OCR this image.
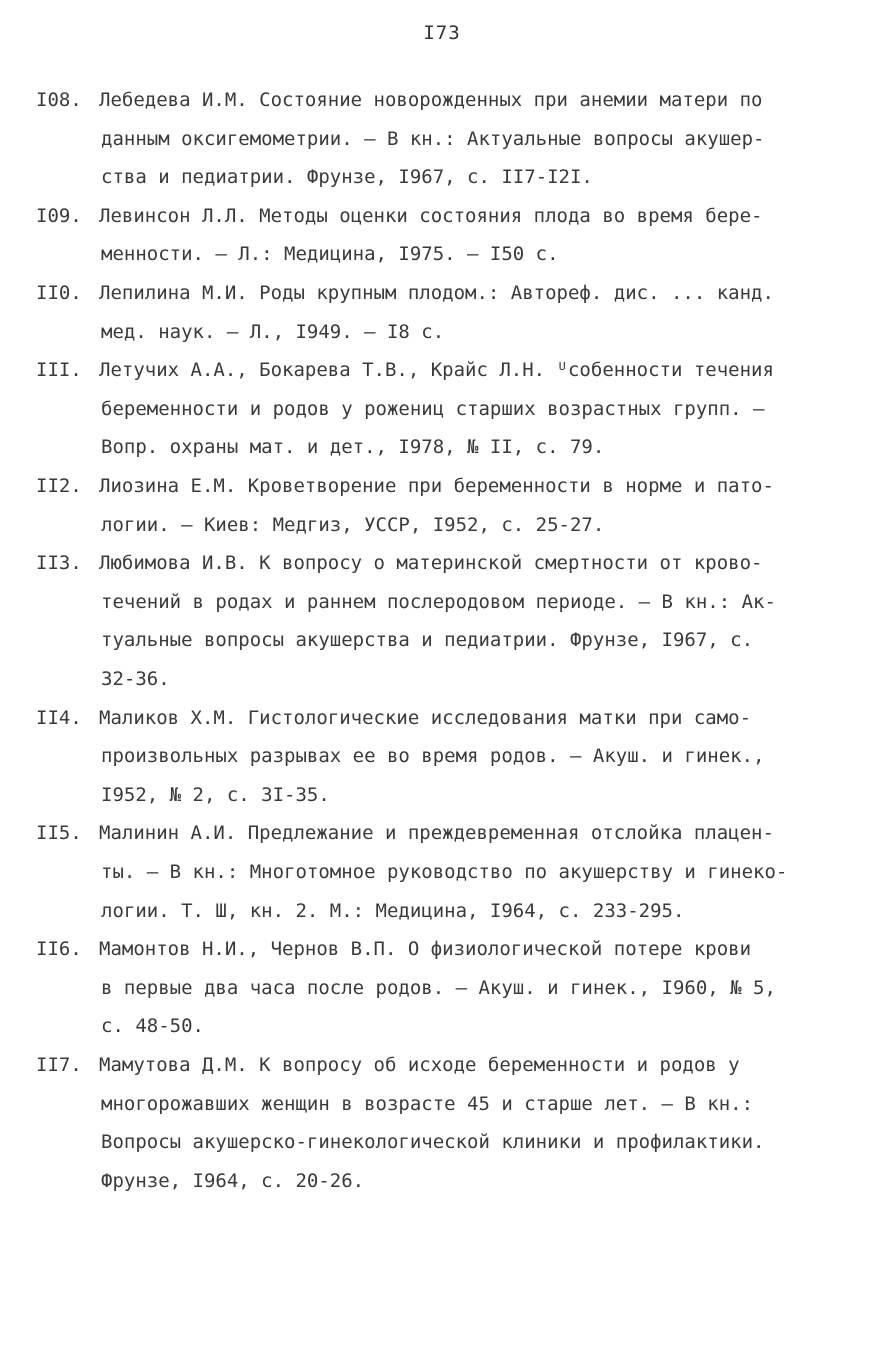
I73
I08. Лебедева И.М. Состояние новорожденных при анемии матери по
данным оксигемометрии. – В кн.: Актуальные вопросы акушер-
ства и педиатрии. Фрунзе, I967, с. II7-I2I.
I09. Левинсон Л.Л. Методы оценки состояния плода во время бере-
менности. – Л.: Медицина, I975. – I50 с.
II0. Лепилина М.И. Роды крупным плодом.: Автореф. дис. ... канд.
мед. наук. – Л., I949. – I8 с.
III. Летучих А.А., Бокарева Т.В., Крайс Л.Н. ᵁсобенности течения
беременности и родов у рожениц старших возрастных групп. –
Вопр. охраны мат. и дет., I978, № II, с. 79.
II2. Лиозина Е.М. Кроветворение при беременности в норме и пато-
логии. – Киев: Медгиз, УССР, I952, с. 25-27.
II3. Любимова И.В. К вопросу о материнской смертности от крово-
течений в родах и раннем послеродовом периоде. – В кн.: Ак-
туальные вопросы акушерства и педиатрии. Фрунзе, I967, с.
32-36.
II4. Маликов Х.М. Гистологические исследования матки при само-
произвольных разрывах ее во время родов. – Акуш. и гинек.,
I952, № 2, с. 3I-35.
II5. Малинин А.И. Предлежание и преждевременная отслойка плацен-
ты. – В кн.: Многотомное руководство по акушерству и гинеко-
логии. Т. Ш, кн. 2. М.: Медицина, I964, с. 233-295.
II6. Мамонтов Н.И., Чернов В.П. О физиологической потере крови
в первые два часа после родов. – Акуш. и гинек., I960, № 5,
с. 48-50.
II7. Мамутова Д.М. К вопросу об исходе беременности и родов у
многорожавших женщин в возрасте 45 и старше лет. – В кн.:
Вопросы акушерско-гинекологической клиники и профилактики.
Фрунзе, I964, с. 20-26.
